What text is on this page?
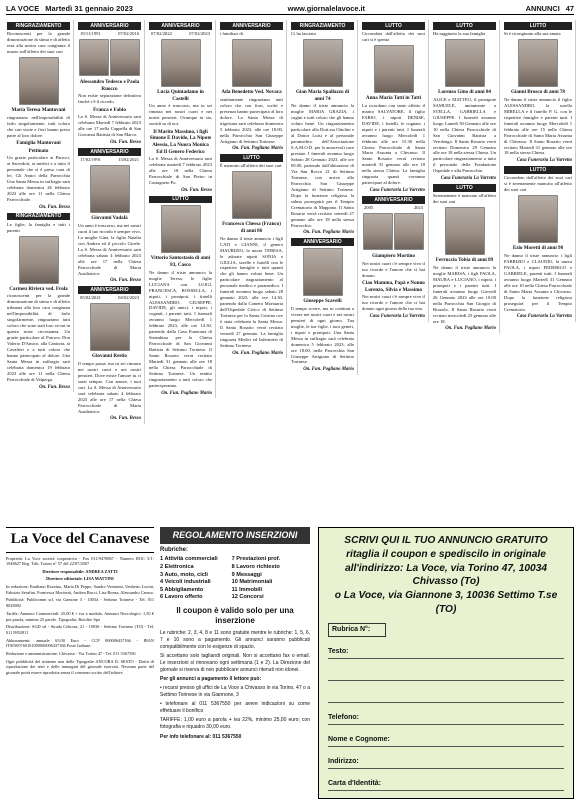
LA VOCE Martedì 31 gennaio 2023	www.giornalelavoce.it	ANNUNCI 47
RINGRAZIAMENTO
Riconoscenti per la grande dimostrazione di stima e di affetto resa alla nostra cara congiunta il marzo sull'affetto dei suoi cari
Maria Teresa Mantovani
ringraziano nell'impossibilità di farlo singolarmente, tutti coloro che con visite e fiori hanno preso parte al loro dolore.
Famiglia Mantovani
Pettinato
Un grazie particolare ai Parroci, ai Sacerdoti, ai medici e a tutto il personale che si è preso cura di lei. Gli Amici della Parrocchia Una Santa Messa in suffragio sarà celebrata domenica 26 febbraio 2023 alle ore 11 nella Chiesa Parrocchiale.
On. Fun. Besso
RINGRAZIAMENTO
Le figlie, la famiglia e tutti i parenti
Carmen Riviera ved. Frola
riconoscenti per la grande dimostrazione di stima e di affetto tributata alla loro cara congiunta nell'impossibilità di farlo singolarmente, ringraziano tutti coloro che sono stati loro vicini in questa triste circostanza. Un grazie particolare al Parroco Don Valerio D'Amico, alla Cantoria, ai Cavalieri e a tutti coloro che hanno partecipato al dolore. Una Santa Messa in suffragio sarà celebrata domenica 19 febbraio 2023 alle ore 11 nella Chiesa Parrocchiale di Valperga.
On. Fun. Besso
ANNIVERSARIO
19/11/1991	07/02/2016
Alessandro Tedesco e Paola Ruocco
Non esiste separazione definitiva finché c'è il ricordo.
Franca e Fabio
La S. Messa di Anniversario sarà celebrata Martedì 7 febbraio 2023 alle ore 17 nella Cappella di San Giovanni Battista di San Marco.
On. Fun. Besso
ANNIVERSARIO
17/02/1991	13/02/2021
Giovanni Vadalà
Un anno è trascorso, ma nei nostri cuori il tuo ricordo è sempre vivo. La moglie Gina, la figlia Natalia con Andrea ed il piccolo Gioele. La S. Messa di Anniversario sarà celebrata sabato 4 febbraio 2023 alle ore 17 nella Chiesa Parrocchiale di Maria Ausiliatrice.
On. Fun. Besso
ANNIVERSARIO
05/02/2021	04/02/2023
Giovanni Restio
Il tempo passa, ma tu sei rimasto nei nostri cuori e nei nostri pensieri. Dove esiste l'amore tu ci sarai sempre. Con amore, i tuoi cari. La S. Messa di Anniversario sarà celebrata sabato 4 febbraio 2023 alle ore 17 nella Chiesa Parrocchiale di Maria Ausiliatrice.
On. Fun. Besso
ANNIVERSARIO
07/02/2022	07/02/2023
Lucia Quintadamo in Castelli
Un anno è trascorso, ma tu sei rimasta nei nostri cuori e nei nostri pensieri. Ovunque tu sia, sorridi su di noi.
Il Marito Massimo, i figli Simone E Davide, La Nipote Alessia, La Nuora Monica Ed Il Genero Federico
La S. Messa di Anniversario sarà celebrata martedì 7 febbraio 2023 alle ore 18 nella Chiesa Parrocchiale di San Pietro in Castagneto Po.
On. Fun. Besso
LUTTO
Vittorio Santostasio di anni 83, Casco
Ne danno il triste annuncio la moglie Teresa, le figlie LUCIANA con LUIGI, FRANCESCA, ROSSELLA, i nipoti, i pronipoti, i fratelli ALESSANDRO, GIUSEPPE, DAVIDE, gli amici, i nipoti, i cognati, i parenti tutti. I funerali avranno luogo Mercoledì 1 febbraio 2023, alle ore 14.30, partendo dalla Casa Funeraria di Strambino per la Chiesa Parrocchiale di San Giovanni Battista di Settimo Torinese. Il Santo Rosario verrà recitato Martedì 31 gennaio alle ore 18 nella Chiesa Parrocchiale di Settimo Torinese. Un sentito ringraziamento a tutti coloro che parteciperanno.
On. Fun. Pogliano Mario
ANNIVERSARIO
i familiari di
Ada Benedetto Ved. Novara
sentitamente ringraziano tutti coloro che con fiori, scritti e presenza hanno partecipato al loro dolore. La Santa Messa di trigesima sarà celebrata domenica 5 febbraio 2023, alle ore 18.00, nella Parrocchia San Giuseppe Artigiano di Settimo Torinese.
On. Fun. Pogliano Mario
LUTTO
È mancato all'affetto dei suoi cari
Francesco Chessa (Franco) di anni 86
Ne danno il triste annuncio i figli CATI e GIANNI, il genero MAURIZIO, la nuora TERESA, le adorate nipoti SONIA e GIULIA, sorelle e fratelli con le rispettive famiglie e tutti quanti che gli hanno voluto bene. Un particolare ringraziamento al personale medico e paramedico. I funerali avranno luogo sabato 28 gennaio 2023, alle ore 14.30, partendo dalla Camera Mortuaria dell'Ospedale Civico di Settimo Torinese per la Santa Cristina ove è stata celebrata la Santa Messa. Il Santo Rosario verrà recitato venerdì 27 gennaio. La famiglia ringrazia Medici ed Infermieri di Settimo Torinese.
On. Fun. Pogliano Mario
RINGRAZIAMENTO
Ci ha lasciato
Gian Maria Spallazzo di anni 74
Ne danno il triste annuncio la moglie MARIA GRAZIA, i cugini e tutti coloro che gli hanno voluto bene. Un ringraziamento particolare alla Dott.ssa Ottolini e al Dottor Luisi e al personale paramedico dell'Associazione S.A.M.O.D. per la amorevoli cure prestate. I funerali avranno luogo Sabato 28 Gennaio 2023, alle ore 09.00, partendo dall'abitazione di Via San Rocco 21 di Settimo Torinese, con arrivo alla Parrocchia San Giuseppe Artigiano di Settimo Torinese. Dopo la funzione religiosa la salma proseguirà per il Tempio Crematorio di Mappano. Il Santo Rosario verrà recitato venerdì 27 gennaio alle ore 18 nella stessa Parrocchia.
On. Fun. Pogliano Mario
ANNIVERSARIO
Giuseppe Scavelli
Il tempo scorre, ma tu continui a vivere nei nostri cuori e nei nostri pensieri di ogni giorno. Tua moglie, le tue figlie, i tuoi generi, i nipoti e pronipoti. Una Santa Messa in suffragio sarà celebrata domenica 5 febbraio 2023, alle ore 18.00, nella Parrocchia San Giuseppe Artigiano di Settimo Torinese.
On. Fun. Pogliano Mario
LUTTO
Circondata dall'affetto dei suoi cari si è spenta
Anna Maria Tatti in Tatti
La ricordano con tanto affetto il marito SALVATORE, il figlio FABIO, i nipoti DENISE, DAVIDE, i fratelli, le cognate, i nipoti e i parenti tutti. I funerali avranno luogo Mercoledì 1 febbraio alle ore 15.30 nella Chiesa Parrocchiale di Santa Maria Assunta a Chivasso. Il Santo Rosario verrà recitato martedì 31 gennaio alle ore 18 nella stessa Chiesa. La famiglia ringrazia quanti vorranno partecipare al dolore.
Casa Funeraria La Varretto
ANNIVERSARIO
2005	2023
Giampiero Mortino
Nei nostri cuori c'è sempre vivo il tuo ricordo e l'amore che ci hai donato.
Ciao Mamma, Papà e Nonno Lorenzo, Silvia e Massimo
Nei nostri cuori c'è sempre vivo il tuo ricordo e l'amore che ci hai donato ogni giorno della tua vita.
Casa Funeraria La Varretto
LUTTO
Ha raggiunto la sua famiglia
Lorenzo Gino di anni 84
ALICE e MATTEO, il pronipote SAMUELE, unitamente a STELLA, GABRIELLA e GIUSEPPE. I funerali avranno luogo Lunedì 30 Gennaio alle ore 10 nella Chiesa Parrocchiale di San Giovanni Battista a Verolengo. Il Santo Rosario verrà recitato Domenica 29 Gennaio alle ore 18 nella stessa Chiesa. Un particolare ringraziamento a tutto il personale della Fondazione Ospedale e alla Parrocchia.
Casa Funeraria La Varretto
LUTTO
Serenamente è mancato all'affetto dei suoi cari
Ferruccio Tobia di anni 89
Ne danno il triste annuncio la moglie MARISA, i figli PAOLA, MAURA e LUCIANO, i nipoti, i pronipoti e i parenti tutti. I funerali avranno luogo Giovedì 26 Gennaio 2023 alle ore 10.00 nella Parrocchia San Giorgio di Brozolo. Il Santo Rosario verrà recitato mercoledì 25 gennaio alle ore 18.
On. Fun. Pogliano Mario
LUTTO
Si è ricongiunto alla sua amata
Gianni Brosco di anni 78
Ne danno il triste annuncio il figlio ALESSANDRO, la sorella MIRELLA e il fratello P. G. con le rispettive famiglie e parenti tutti. I funerali avranno luogo Mercoledì 1 febbraio alle ore 15 nella Chiesa Parrocchiale di Santa Maria Assunta di Chivasso. Il Santo Rosario verrà recitato Martedì 31 gennaio alle ore 18 nella stessa Chiesa.
Casa Funeraria La Varretto
LUTTO
Circondato dall'affetto dei suoi cari si è serenamente mancato all'affetto dei suoi cari
Ezio Moretti di anni 98
Ne danno il triste annuncio i figli FABRIZIO e CLAUDIO, la nuora PAOLA, i nipoti FEDERICO e GABRIELE, parenti tutti. I funerali avranno luogo Martedì 31 Gennaio alle ore 10 nella Chiesa Parrocchiale di Santa Maria Assunta a Chivasso. Dopo la funzione religiosa proseguirà per il Tempio Crematorio.
Casa Funeraria La Varretto
La Voce del Canavese

Proprietà: La Voce società cooperativa - Fax 011/9478867 - Numero ROC 5/1-1948627 Reg. Trib. Torino n° 57 del 22/07/2007

Direttore responsabile: ANDREA ZATTI

Direttore editoriale: LISA MATTINI

In redazione: Emiliano Rozzino, Maria Di Peppo, Sandro Venturini, Umberto Lucini, Fabrizio Serafini, Francesca Morisetti, Andrea Bucci, Lisa Bonza, Alessandro Caruso.

Pubblicità: Publicomm srl, via Gamone 3 - 10034 - Settimo Torinese - Tel. 011 8028002

Tariffe: Annunci Commerciali: 25,00 € + iva a modulo. Annunci Necrologici: 1,50 € per parola, minimo 25 parole. Tipografia: Rotolito Spa

Distribuzione: SGD srl - Strada Cebrosa, 21 - 10036 - Settimo Torinese (TO) - Tel. 011 8952811

Abbonamenti: annuale 65,00 Euro - CCP 000006437166 - IBAN IT00W0760101000000006437166 Poste Italiane.

Redazione e amministrazione: Chivasso - Via Torino 47 - Tel. 011 5367550

Ogni pubblicità del mittente non delle Tipografie ANCORA IL SESTO - Diritti di riproduzione dei testi e delle immagini del giornale riservati. Nessuna parte del giornale potrà essere riprodotta senza il consenso scritto dell'editore.

REGOLAMENTO INSERZIONI
Rubriche:
1 Attività commerciali
2 Elettronica
3 Auto, moto, cicli
4 Veicoli industriali
5 Abbigliamento
6 Lavoro offerto
7 Prestazioni prof.
8 Lavoro richiesto
9 Messaggi
10 Matrimoniali
11 Immobili
12 Concorsi
Il coupon è valido solo per una inserzione

Le rubriche: 2, 3, 4, 8 e 11 sono gratuite mentre le rubriche: 1, 5, 6, 7 e 10 sono a pagamento. Gli annunci saranno pubblicati compatibilmente con le esigenze di spazio.

Si accettano solo tagliandi originali. Non si accettano fax o email. Le inserzioni si rinnovano ogni settimana (1 e 2). La Direzione del giornale si riserva di non pubblicare annunci ritenuti non idonei.

Per gli annunci a pagamento il lettore può:

• recarsi presso gli uffici de La Voce a Chivasso in via Torino, 47 o a Settimo Torinese in via Giannone, 3

• telefonare al 011 5367550 per avere indicazioni su come effettuare il bonifico

TARIFFE: 1,00 euro a parola + iva 22%, minimo 25,00 euro; con fotografia e riquadro 30,00 euro.

Per info telefonare al: 011 5367550

SCRIVI QUI IL TUO ANNUNCIO GRATUITO
ritaglia il coupon e spediscilo in originale
all'indirizzo: La Voce, via Torino 47, 10034 Chivasso (To)
o La Voce, via Giannone 3, 10036 Settimo T.se (TO)
Rubrica N°:
Testo:
Telefono:
Nome e Cognome:
Indirizzo:
Carta d'Identità:
